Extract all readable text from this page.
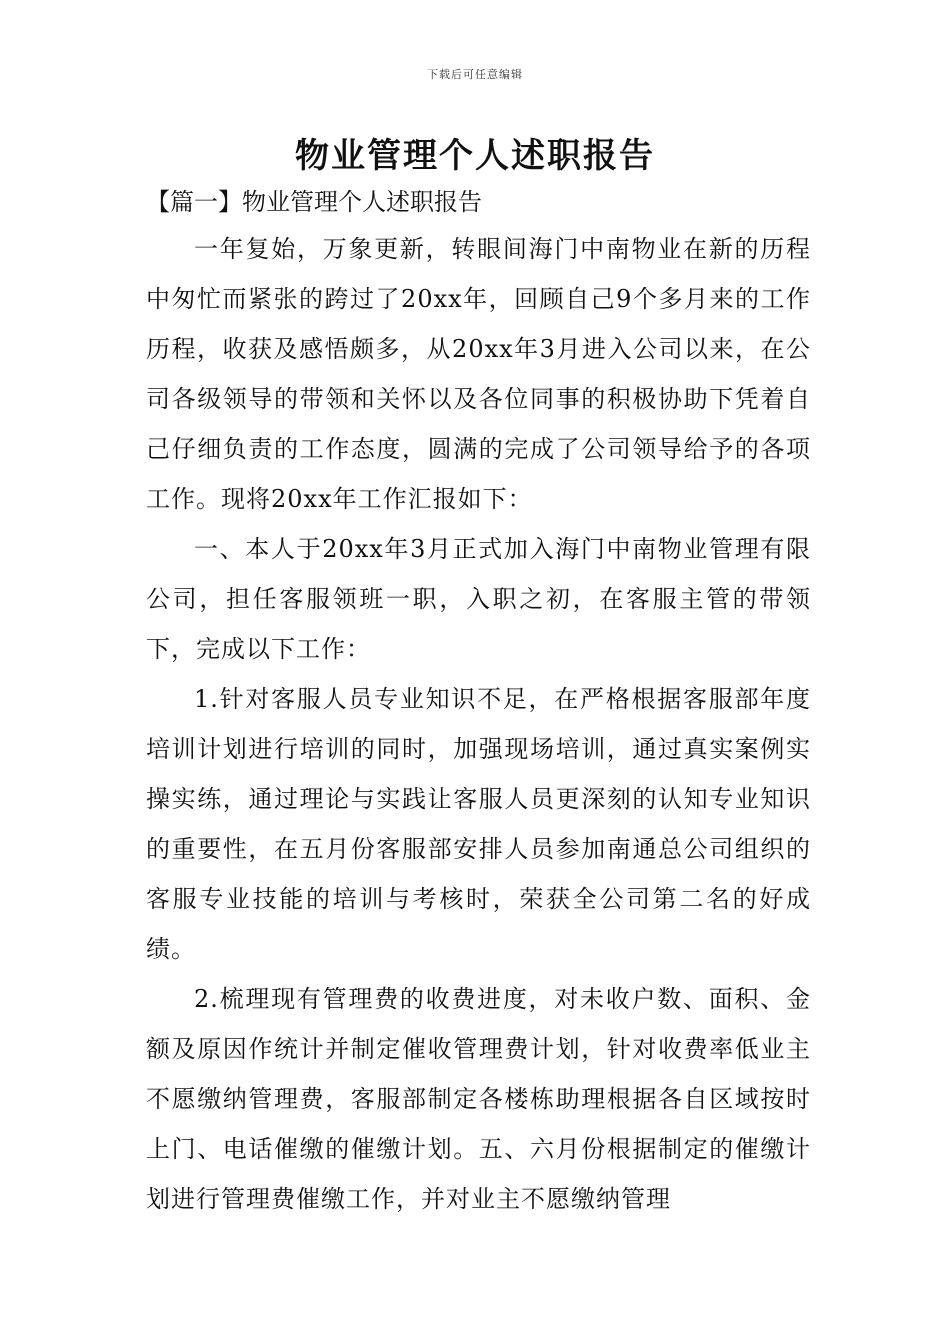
下载后可任意编辑
物业管理个人述职报告
【篇一】物业管理个人述职报告

一年复始，万象更新，转眼间海门中南物业在新的历程中匆忙而紧张的跨过了20xx年，回顾自己9个多月来的工作历程，收获及感悟颇多，从20xx年3月进入公司以来，在公司各级领导的带领和关怀以及各位同事的积极协助下凭着自己仔细负责的工作态度，圆满的完成了公司领导给予的各项工作。现将20xx年工作汇报如下：

一、本人于20xx年3月正式加入海门中南物业管理有限公司，担任客服领班一职，入职之初，在客服主管的带领下，完成以下工作：

1.针对客服人员专业知识不足，在严格根据客服部年度培训计划进行培训的同时，加强现场培训，通过真实案例实操实练，通过理论与实践让客服人员更深刻的认知专业知识的重要性，在五月份客服部安排人员参加南通总公司组织的客服专业技能的培训与考核时，荣获全公司第二名的好成绩。

2.梳理现有管理费的收费进度，对未收户数、面积、金额及原因作统计并制定催收管理费计划，针对收费率低业主不愿缴纳管理费，客服部制定各楼栋助理根据各自区域按时上门、电话催缴的催缴计划。五、六月份根据制定的催缴计划进行管理费催缴工作，并对业主不愿缴纳管理
